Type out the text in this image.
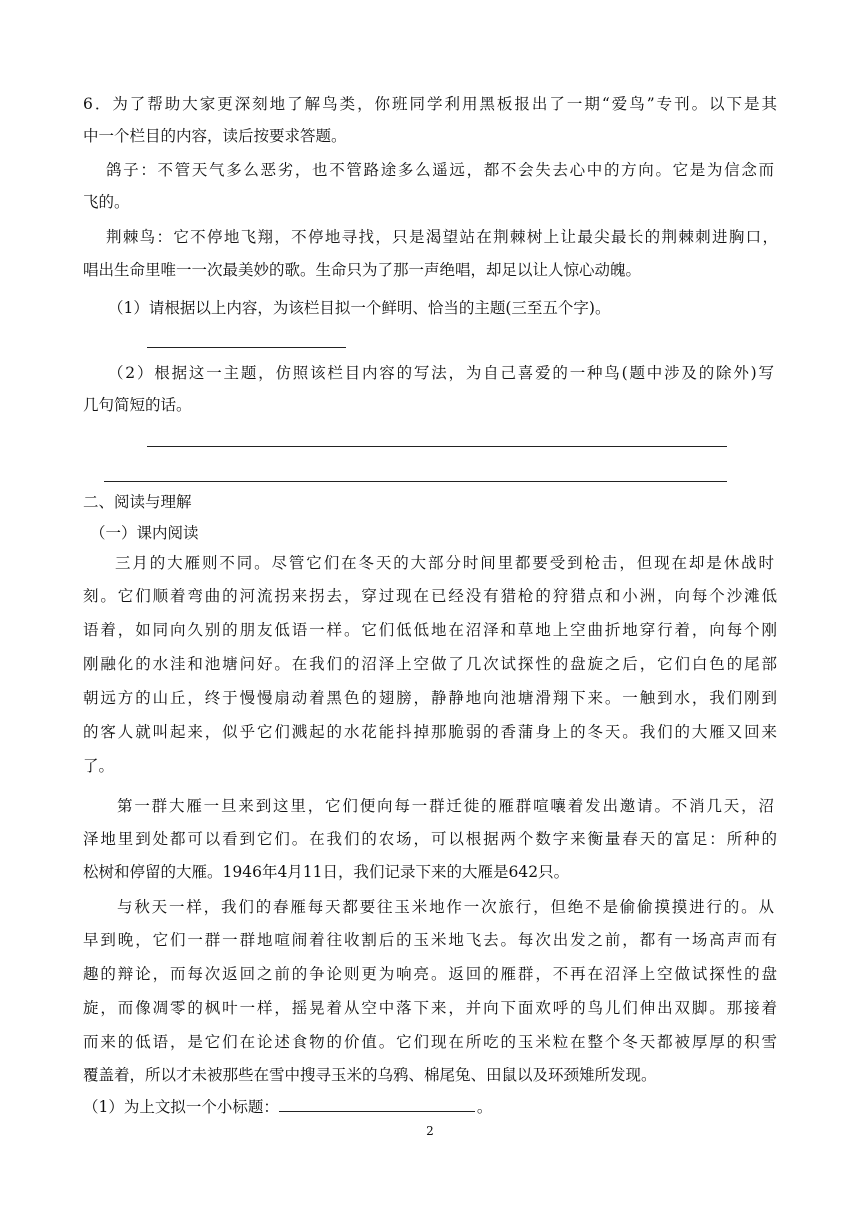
6．为了帮助大家更深刻地了解鸟类，你班同学利用黑板报出了一期“爱鸟”专刊。以下是其
中一个栏目的内容，读后按要求答题。
鸽子：不管天气多么恶劣，也不管路途多么遥远，都不会失去心中的方向。它是为信念而
飞的。
荆棘鸟：它不停地飞翔，不停地寻找，只是渴望站在荆棘树上让最尖最长的荆棘刺进胸口，
唱出生命里唯一一次最美妙的歌。生命只为了那一声绝唱，却足以让人惊心动魄。
（1）请根据以上内容，为该栏目拟一个鲜明、恰当的主题(三至五个字)。
（2）根据这一主题，仿照该栏目内容的写法，为自己喜爱的一种鸟(题中涉及的除外)写
几句简短的话。
二、阅读与理解
（一）课内阅读
三月的大雁则不同。尽管它们在冬天的大部分时间里都要受到枪击，但现在却是休战时
刻。它们顺着弯曲的河流拐来拐去，穿过现在已经没有猎枪的狩猎点和小洲，向每个沙滩低
语着，如同向久别的朋友低语一样。它们低低地在沼泽和草地上空曲折地穿行着，向每个刚
刚融化的水洼和池塘问好。在我们的沼泽上空做了几次试探性的盘旋之后，它们白色的尾部
朝远方的山丘，终于慢慢扇动着黑色的翅膀，静静地向池塘滑翔下来。一触到水，我们刚到
的客人就叫起来，似乎它们溅起的水花能抖掉那脆弱的香蒲身上的冬天。我们的大雁又回来
了。
第一群大雁一旦来到这里，它们便向每一群迁徙的雁群喧嚷着发出邀请。不消几天，沼
泽地里到处都可以看到它们。在我们的农场，可以根据两个数字来衡量春天的富足：所种的
松树和停留的大雁。1946年4月11日，我们记录下来的大雁是642只。
与秋天一样，我们的春雁每天都要往玉米地作一次旅行，但绝不是偷偷摸摸进行的。从
早到晚，它们一群一群地喧闹着往收割后的玉米地飞去。每次出发之前，都有一场高声而有
趣的辩论，而每次返回之前的争论则更为响亮。返回的雁群，不再在沼泽上空做试探性的盘
旋，而像凋零的枫叶一样，摇晃着从空中落下来，并向下面欢呼的鸟儿们伸出双脚。那接着
而来的低语，是它们在论述食物的价值。它们现在所吃的玉米粒在整个冬天都被厚厚的积雪
覆盖着，所以才未被那些在雪中搜寻玉米的乌鸦、棉尾兔、田鼠以及环颈雉所发现。
（1）为上文拟一个小标题：	。
2
